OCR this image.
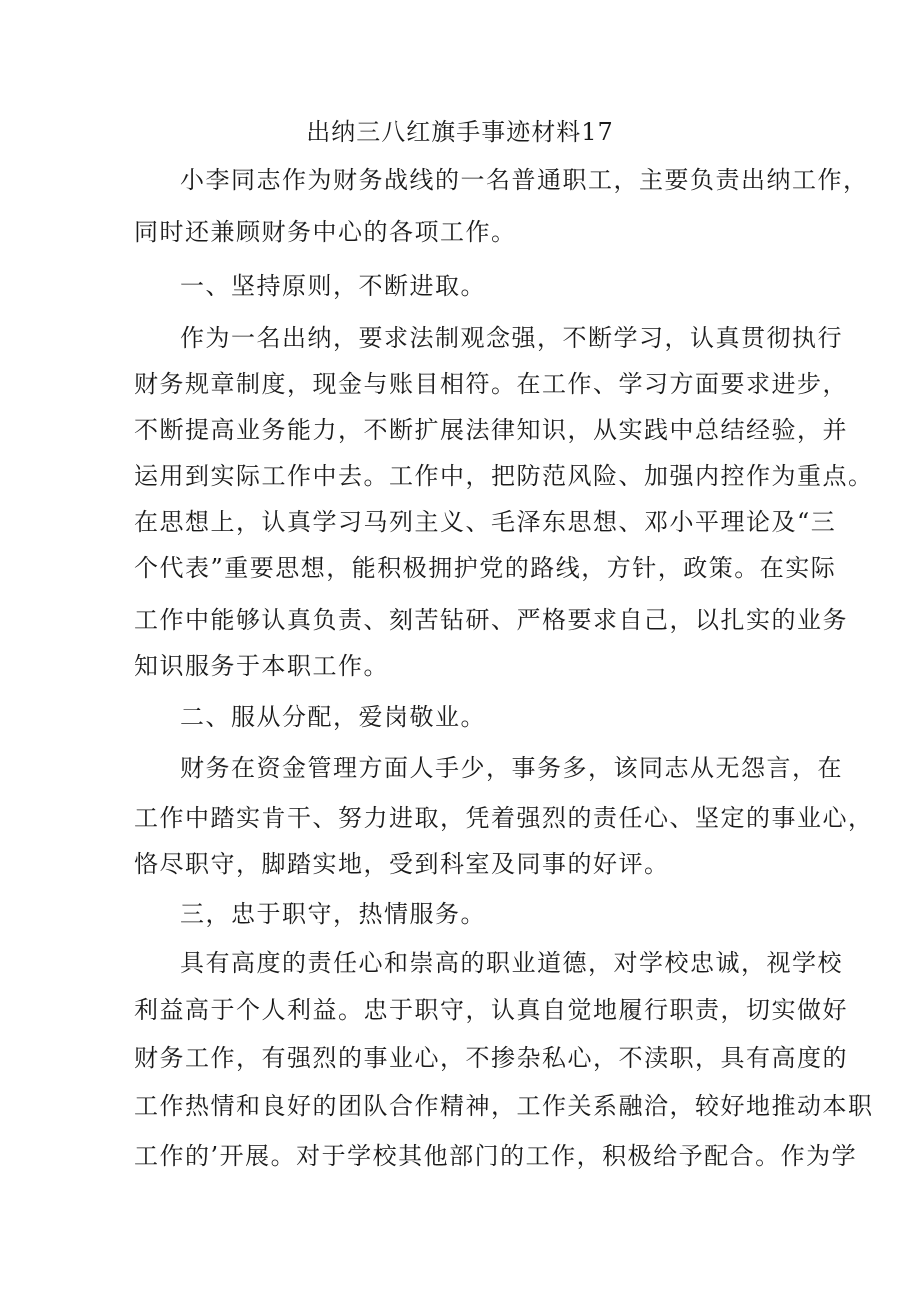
出纳三八红旗手事迹材料17
小李同志作为财务战线的一名普通职工，主要负责出纳工作，
同时还兼顾财务中心的各项工作。
一、坚持原则，不断进取。
作为一名出纳，要求法制观念强，不断学习，认真贯彻执行
财务规章制度，现金与账目相符。在工作、学习方面要求进步，
不断提高业务能力，不断扩展法律知识，从实践中总结经验，并
运用到实际工作中去。工作中，把防范风险、加强内控作为重点。
在思想上，认真学习马列主义、毛泽东思想、邓小平理论及“三
个代表”重要思想，能积极拥护党的路线，方针，政策。在实际
工作中能够认真负责、刻苦钻研、严格要求自己，以扎实的业务
知识服务于本职工作。
二、服从分配，爱岗敬业。
财务在资金管理方面人手少，事务多，该同志从无怨言，在
工作中踏实肯干、努力进取，凭着强烈的责任心、坚定的事业心，
恪尽职守，脚踏实地，受到科室及同事的好评。
三，忠于职守，热情服务。
具有高度的责任心和崇高的职业道德，对学校忠诚，视学校
利益高于个人利益。忠于职守，认真自觉地履行职责，切实做好
财务工作，有强烈的事业心，不掺杂私心，不渎职，具有高度的
工作热情和良好的团队合作精神，工作关系融洽，较好地推动本职
工作的’开展。对于学校其他部门的工作，积极给予配合。作为学
